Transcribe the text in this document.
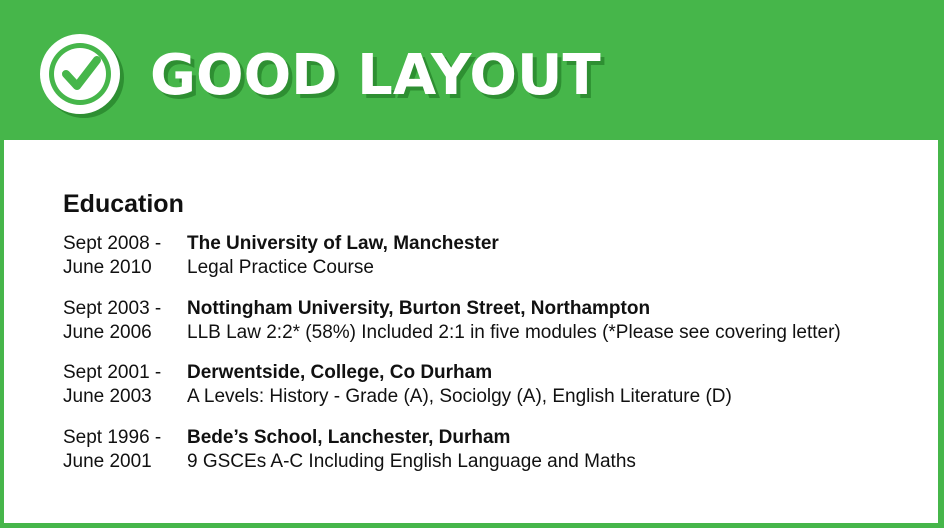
GOOD LAYOUT
Education
Sept 2008 -
June 2010
The University of Law, Manchester
Legal Practice Course
Sept 2003 -
June 2006
Nottingham University, Burton Street, Northampton
LLB Law 2:2* (58%) Included 2:1 in five modules (*Please see covering letter)
Sept 2001 -
June 2003
Derwentside, College, Co Durham
A Levels: History - Grade (A), Sociolgy (A), English Literature (D)
Sept 1996 -
June 2001
Bede’s School, Lanchester, Durham
9 GSCEs A-C Including English Language and Maths
